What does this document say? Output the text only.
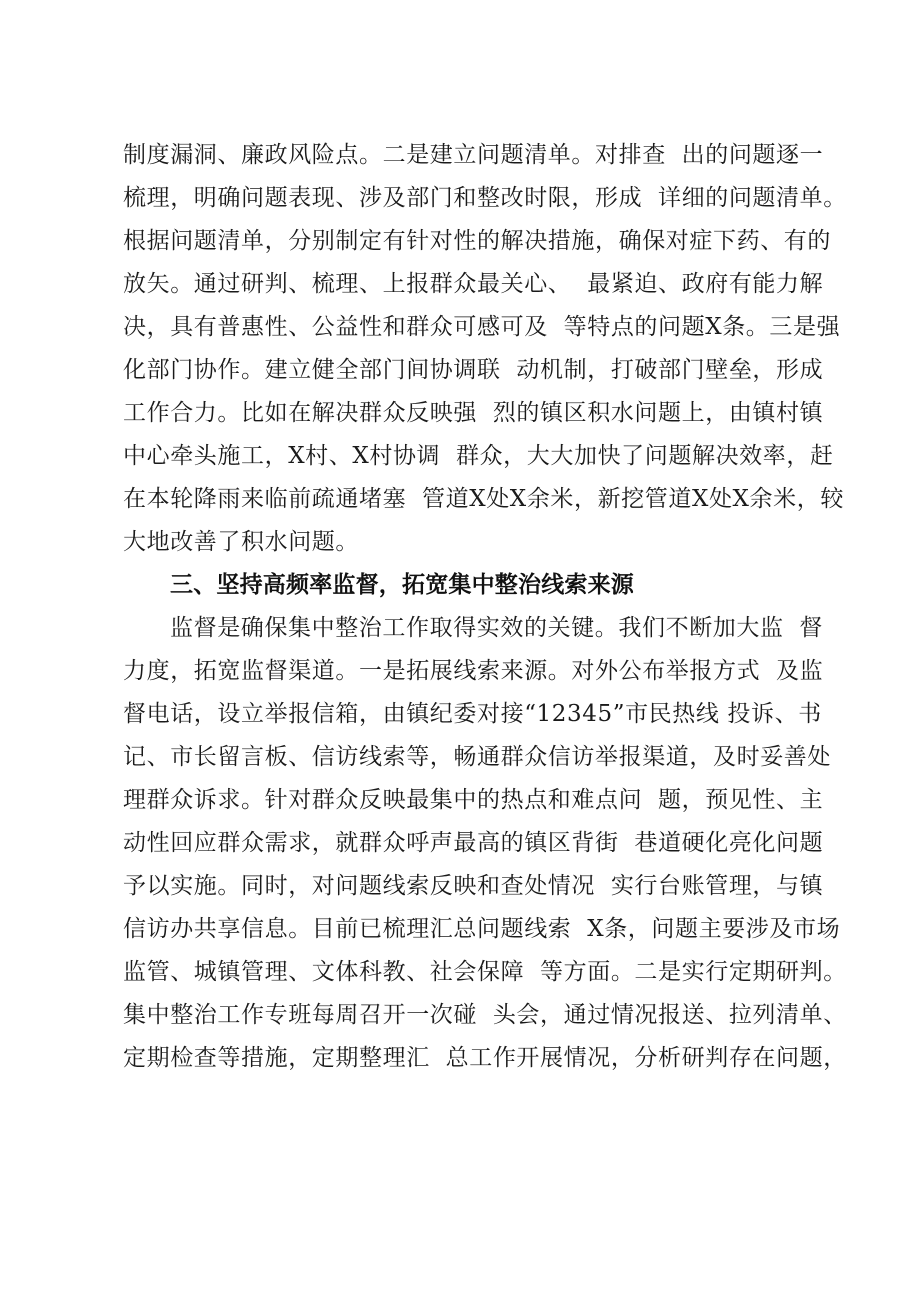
制度漏洞、廉政风险点。二是建立问题清单。对排查  出的问题逐一
梳理，明确问题表现、涉及部门和整改时限，形成  详细的问题清单。
根据问题清单，分别制定有针对性的解决措施，确保对症下药、有的
放矢。通过研判、梳理、上报群众最关心、  最紧迫、政府有能力解
决，具有普惠性、公益性和群众可感可及  等特点的问题X条。三是强
化部门协作。建立健全部门间协调联  动机制，打破部门壁垒，形成
工作合力。比如在解决群众反映强  烈的镇区积水问题上，由镇村镇
中心牵头施工，X村、X村协调  群众，大大加快了问题解决效率，赶
在本轮降雨来临前疏通堵塞  管道X处X余米，新挖管道X处X余米，较
大地改善了积水问题。
三、坚持高频率监督，拓宽集中整治线索来源
监督是确保集中整治工作取得实效的关键。我们不断加大监  督
力度，拓宽监督渠道。一是拓展线索来源。对外公布举报方式  及监
督电话，设立举报信箱，由镇纪委对接“12345”市民热线 投诉、书
记、市长留言板、信访线索等，畅通群众信访举报渠道，及时妥善处
理群众诉求。针对群众反映最集中的热点和难点问  题，预见性、主
动性回应群众需求，就群众呼声最高的镇区背街  巷道硬化亮化问题
予以实施。同时，对问题线索反映和查处情况  实行台账管理，与镇
信访办共享信息。目前已梳理汇总问题线索  X条，问题主要涉及市场
监管、城镇管理、文体科教、社会保障  等方面。二是实行定期研判。
集中整治工作专班每周召开一次碰  头会，通过情况报送、拉列清单、
定期检查等措施，定期整理汇  总工作开展情况，分析研判存在问题，
